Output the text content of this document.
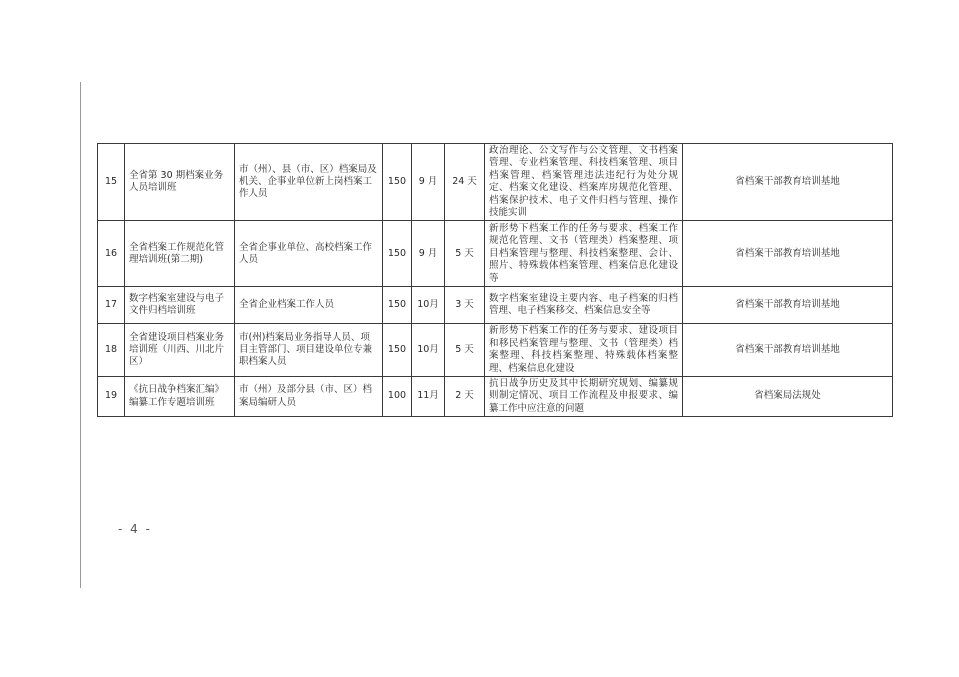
15	全省第 30 期档案业务人员培训班	市（州）、县（市、区）档案局及机关、企事业单位新上岗档案工作人员	150	9 月	24 天	政治理论、公文写作与公文管理、文书档案管理、专业档案管理、科技档案管理、项目档案管理、档案管理违法违纪行为处分规定、档案文化建设、档案库房规范化管理、档案保护技术、电子文件归档与管理、操作技能实训	省档案干部教育培训基地
16	全省档案工作规范化管理培训班(第二期)	全省企事业单位、高校档案工作人员	150	9 月	5 天	新形势下档案工作的任务与要求、档案工作规范化管理、文书（管理类）档案整理、项目档案管理与整理、科技档案整理、会计、照片、特殊载体档案管理、档案信息化建设等	省档案干部教育培训基地
17	数字档案室建设与电子文件归档培训班	全省企业档案工作人员	150	10月	3 天	数字档案室建设主要内容、电子档案的归档管理、电子档案移交、档案信息安全等	省档案干部教育培训基地
18	全省建设项目档案业务培训班（川西、川北片区）	市(州)档案局业务指导人员、项目主管部门、项目建设单位专兼职档案人员	150	10月	5 天	新形势下档案工作的任务与要求、建设项目和移民档案管理与整理、文书（管理类）档案整理、科技档案整理、特殊载体档案整理、档案信息化建设	省档案干部教育培训基地
19	《抗日战争档案汇编》编纂工作专题培训班	市（州）及部分县（市、区）档案局编研人员	100	11月	2 天	抗日战争历史及其中长期研究规划、编纂规则制定情况、项目工作流程及申报要求、编纂工作中应注意的问题	省档案局法规处
- 4 -
